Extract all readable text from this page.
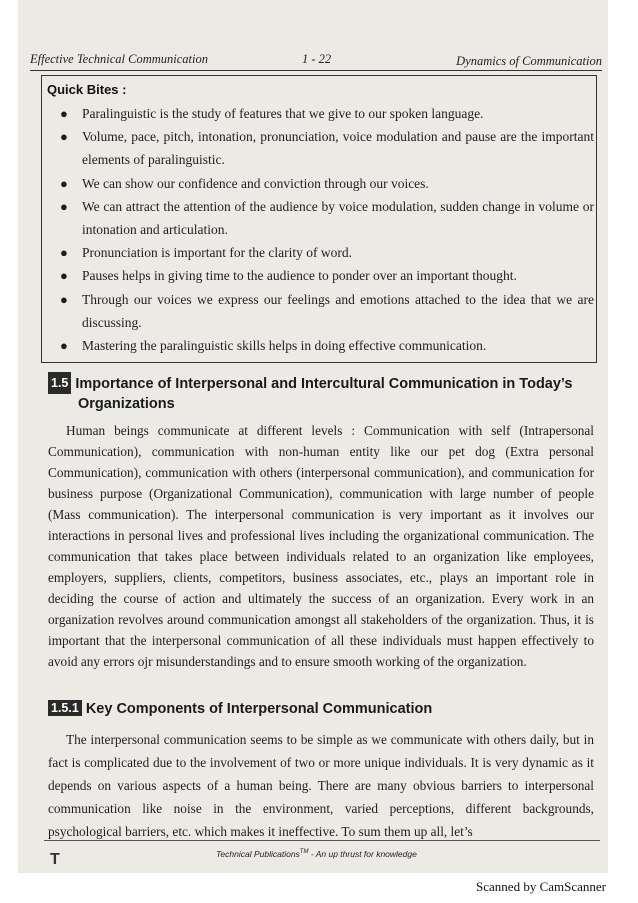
Effective Technical Communication	1 - 22	Dynamics of Communication
Quick Bites :
● Paralinguistic is the study of features that we give to our spoken language.
● Volume, pace, pitch, intonation, pronunciation, voice modulation and pause are the important elements of paralinguistic.
● We can show our confidence and conviction through our voices.
● We can attract the attention of the audience by voice modulation, sudden change in volume or intonation and articulation.
● Pronunciation is important for the clarity of word.
● Pauses helps in giving time to the audience to ponder over an important thought.
● Through our voices we express our feelings and emotions attached to the idea that we are discussing.
● Mastering the paralinguistic skills helps in doing effective communication.
1.5 Importance of Interpersonal and Intercultural Communication in Today’s
Organizations

Human beings communicate at different levels : Communication with self (Intrapersonal Communication), communication with non-human entity like our pet dog (Extra personal Communication), communication with others (interpersonal communication), and communication for business purpose (Organizational Communication), communication with large number of people (Mass communication). The interpersonal communication is very important as it involves our interactions in personal lives and professional lives including the organizational communication. The communication that takes place between individuals related to an organization like employees, employers, suppliers, clients, competitors, business associates, etc., plays an important role in deciding the course of action and ultimately the success of an organization. Every work in an organization revolves around communication amongst all stakeholders of the organization. Thus, it is important that the interpersonal communication of all these individuals must happen effectively to avoid any errors ojr misunderstandings and to ensure smooth working of the organization.

1.5.1 Key Components of Interpersonal Communication

The interpersonal communication seems to be simple as we communicate with others daily, but in fact is complicated due to the involvement of two or more unique individuals. It is very dynamic as it depends on various aspects of a human being. There are many obvious barriers to interpersonal communication like noise in the environment, varied perceptions, different backgrounds, psychological barriers, etc. which makes it ineffective. To sum them up all, let’s

T	Technical Publications™ - An up thrust for knowledge
Scanned by CamScanner
